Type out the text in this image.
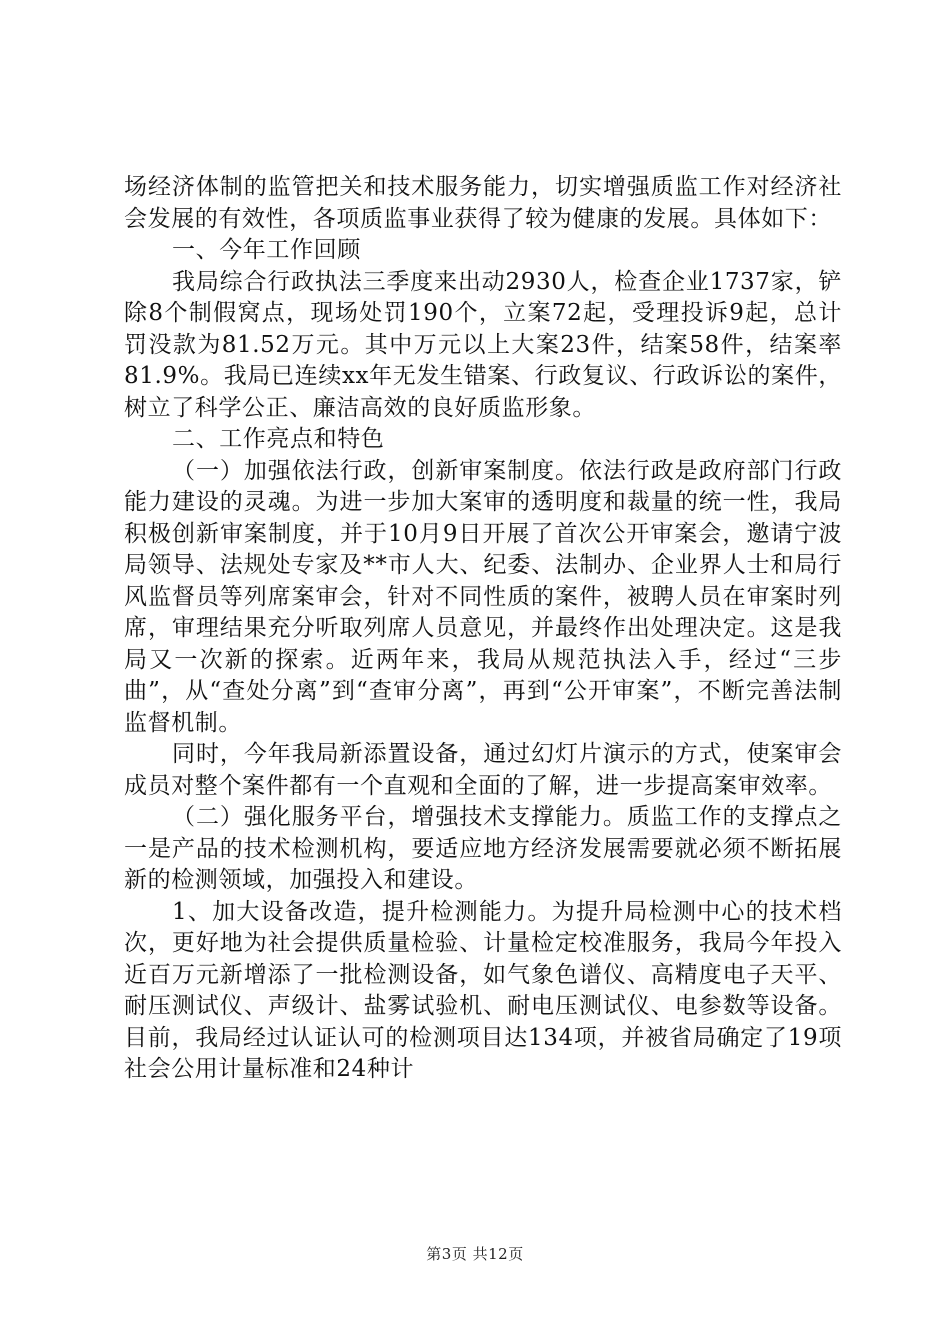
场经济体制的监管把关和技术服务能力，切实增强质监工作对经济社会发展的有效性，各项质监事业获得了较为健康的发展。具体如下：

一、今年工作回顾

我局综合行政执法三季度来出动2930人，检查企业1737家，铲除8个制假窝点，现场处罚190个，立案72起，受理投诉9起，总计罚没款为81.52万元。其中万元以上大案23件，结案58件，结案率81.9%。我局已连续xx年无发生错案、行政复议、行政诉讼的案件，树立了科学公正、廉洁高效的良好质监形象。

二、工作亮点和特色

（一）加强依法行政，创新审案制度。依法行政是政府部门行政能力建设的灵魂。为进一步加大案审的透明度和裁量的统一性，我局积极创新审案制度，并于10月9日开展了首次公开审案会，邀请宁波局领导、法规处专家及**市人大、纪委、法制办、企业界人士和局行风监督员等列席案审会，针对不同性质的案件，被聘人员在审案时列席，审理结果充分听取列席人员意见，并最终作出处理决定。这是我局又一次新的探索。近两年来，我局从规范执法入手，经过“三步曲”，从“查处分离”到“查审分离”，再到“公开审案”，不断完善法制监督机制。

同时，今年我局新添置设备，通过幻灯片演示的方式，使案审会成员对整个案件都有一个直观和全面的了解，进一步提高案审效率。

（二）强化服务平台，增强技术支撑能力。质监工作的支撑点之一是产品的技术检测机构，要适应地方经济发展需要就必须不断拓展新的检测领域，加强投入和建设。

1、加大设备改造，提升检测能力。为提升局检测中心的技术档次，更好地为社会提供质量检验、计量检定校准服务，我局今年投入近百万元新增添了一批检测设备，如气象色谱仪、高精度电子天平、耐压测试仪、声级计、盐雾试验机、耐电压测试仪、电参数等设备。目前，我局经过认证认可的检测项目达134项，并被省局确定了19项社会公用计量标准和24种计

第3页 共12页
